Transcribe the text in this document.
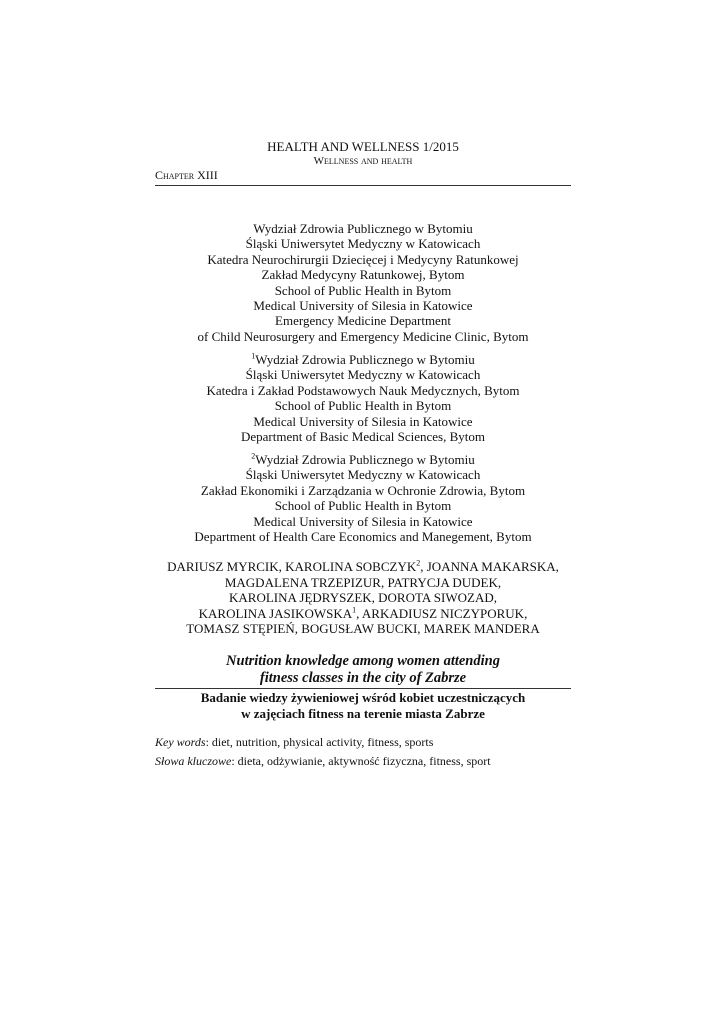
HEALTH AND WELLNESS 1/2015
Wellness and health
Chapter XIII
Wydział Zdrowia Publicznego w Bytomiu
Śląski Uniwersytet Medyczny w Katowicach
Katedra Neurochirurgii Dziecięcej i Medycyny Ratunkowej
Zakład Medycyny Ratunkowej, Bytom
School of Public Health in Bytom
Medical University of Silesia in Katowice
Emergency Medicine Department
of Child Neurosurgery and Emergency Medicine Clinic, Bytom
$^1$Wydział Zdrowia Publicznego w Bytomiu
Śląski Uniwersytet Medyczny w Katowicach
Katedra i Zakład Podstawowych Nauk Medycznych, Bytom
School of Public Health in Bytom
Medical University of Silesia in Katowice
Department of Basic Medical Sciences, Bytom
$^2$Wydział Zdrowia Publicznego w Bytomiu
Śląski Uniwersytet Medyczny w Katowicach
Zakład Ekonomiki i Zarządzania w Ochronie Zdrowia, Bytom
School of Public Health in Bytom
Medical University of Silesia in Katowice
Department of Health Care Economics and Manegement, Bytom
DARIUSZ MYRCIK, KAROLINA SOBCZYK$^2$, JOANNA MAKARSKA,
MAGDALENA TRZEPIZUR, PATRYCJA DUDEK,
KAROLINA JĘDRYSZEK, DOROTA SIWOZAD,
KAROLINA JASIKOWSKA$^1$, ARKADIUSZ NICZYPORUK,
TOMASZ STĘPIEŃ, BOGUSŁAW BUCKI, MAREK MANDERA
Nutrition knowledge among women attending
fitness classes in the city of Zabrze
Badanie wiedzy żywieniowej wśród kobiet uczestniczących
w zajęciach fitness na terenie miasta Zabrze
Key words: diet, nutrition, physical activity, fitness, sports
Słowa kluczowe: dieta, odżywianie, aktywność fizyczna, fitness, sport
